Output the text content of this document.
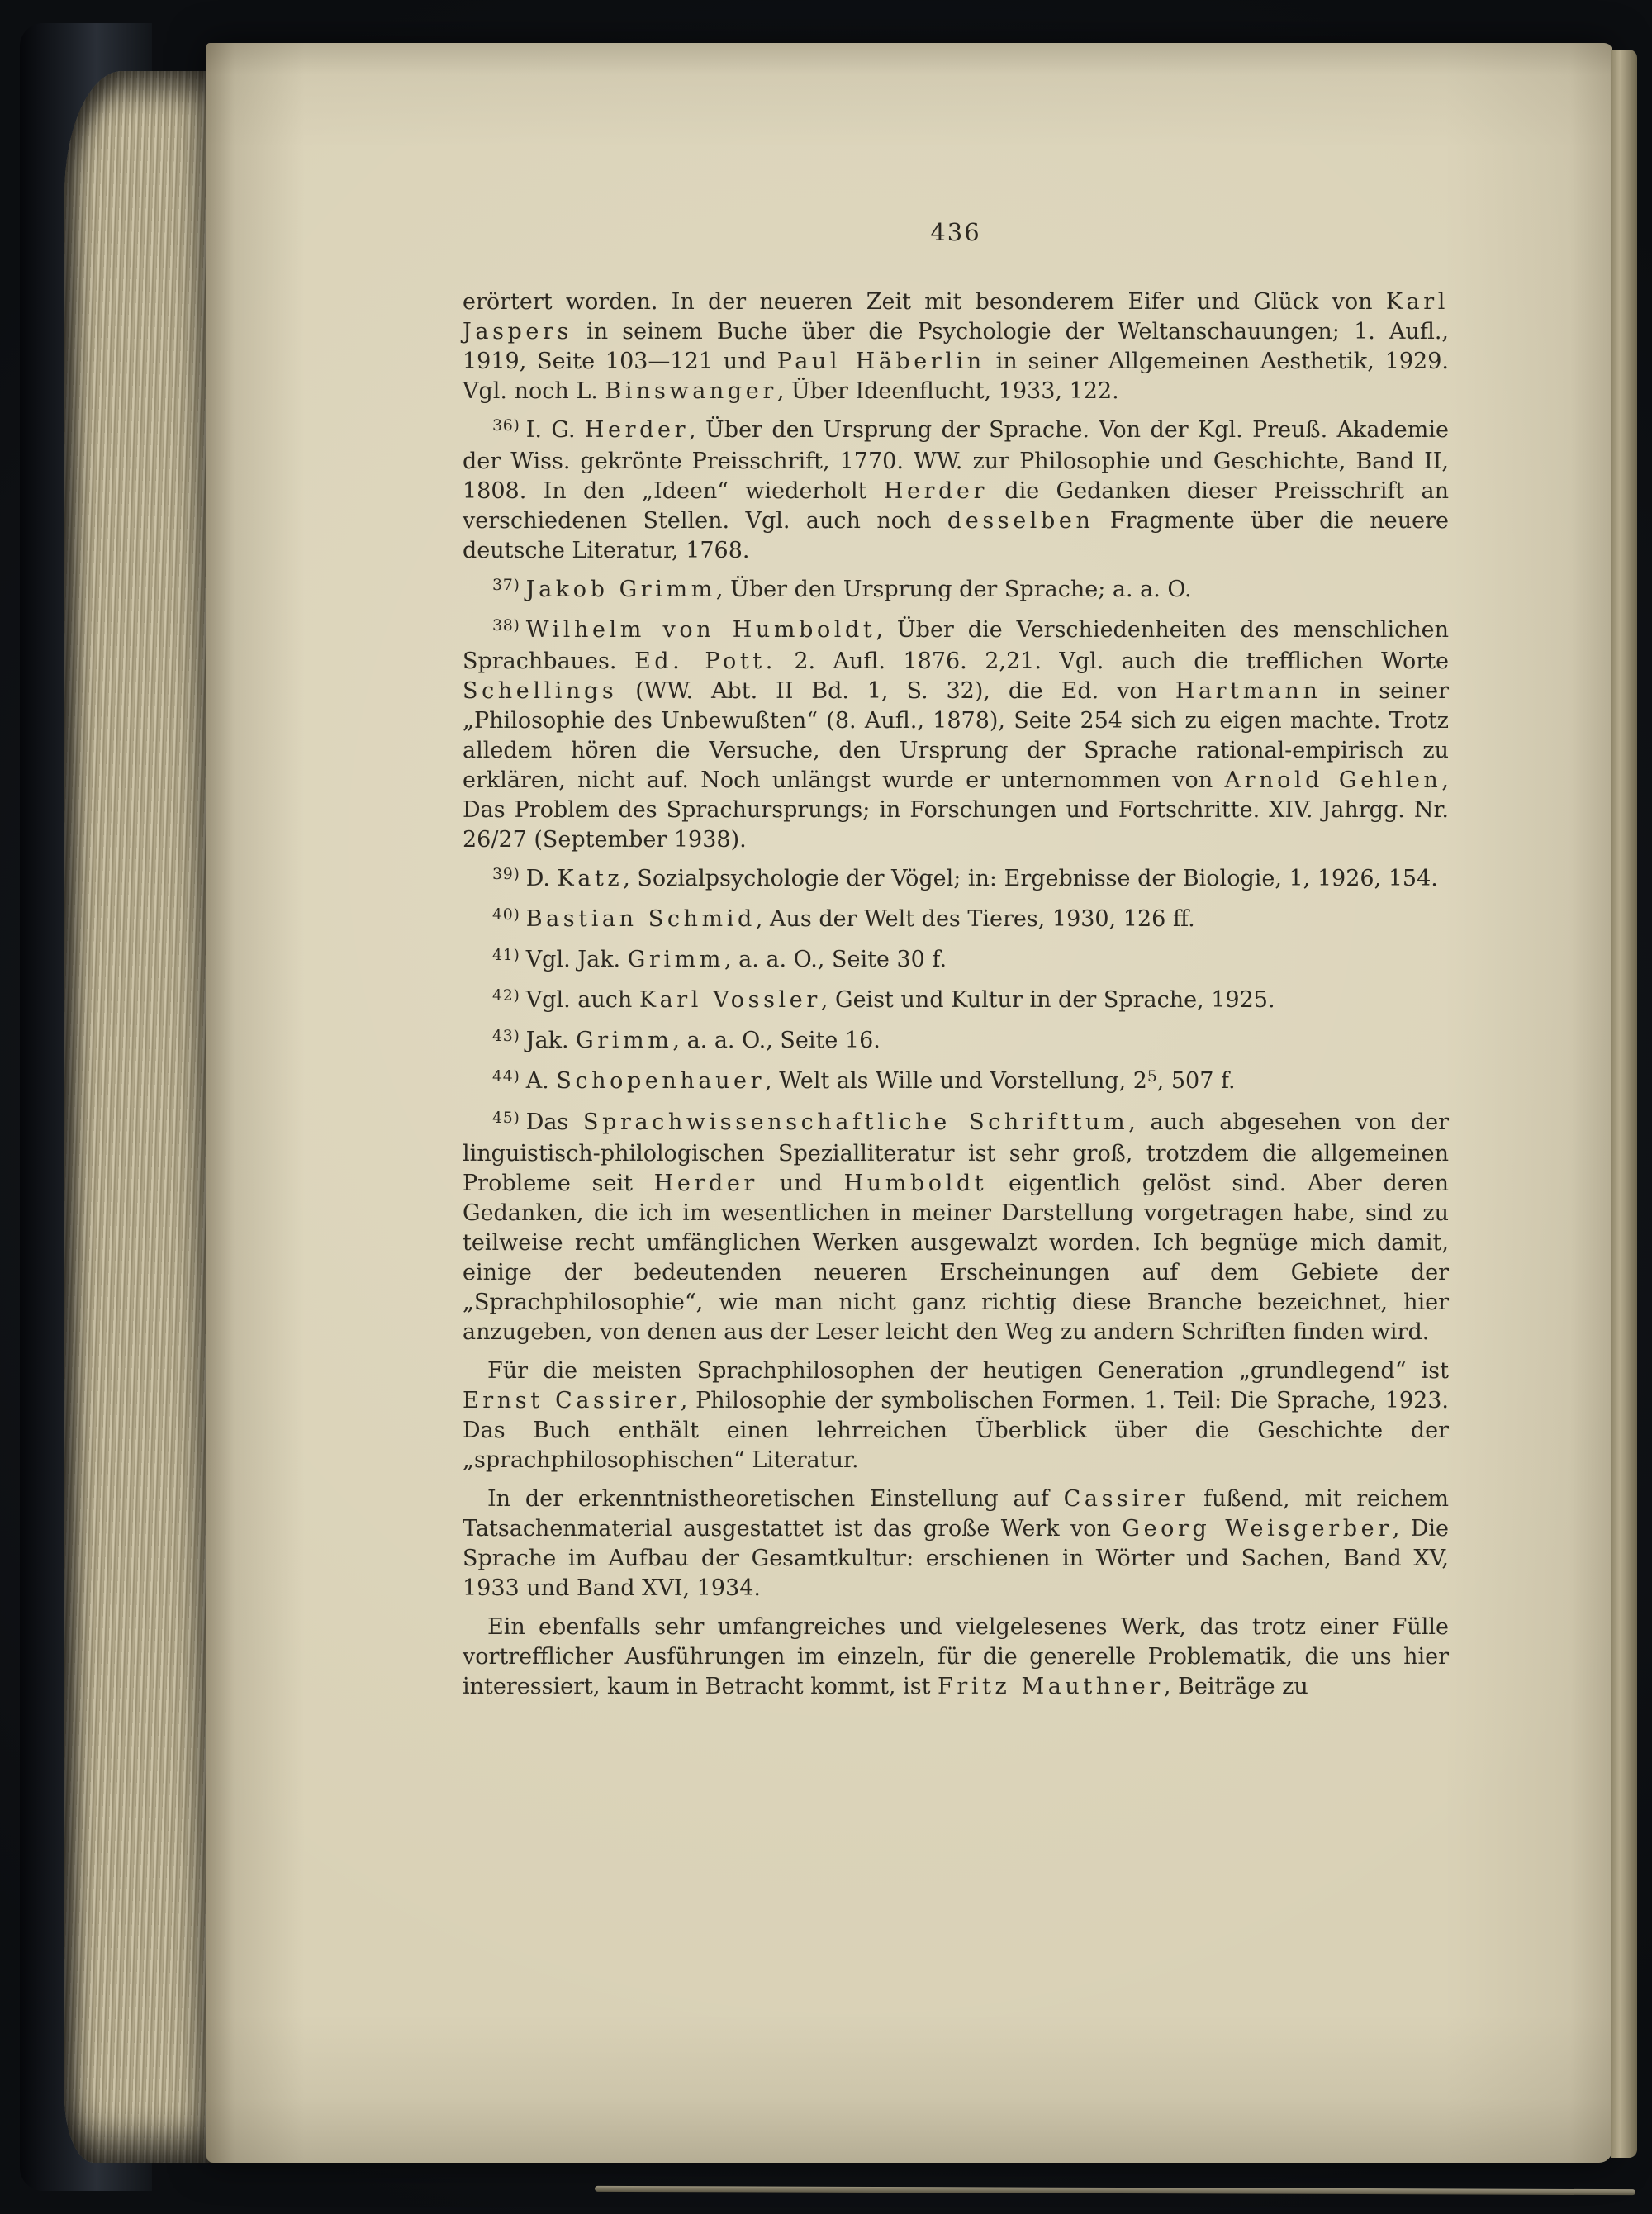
436

erörtert worden. In der neueren Zeit mit besonderem Eifer und Glück von Karl Jaspers in seinem Buche über die Psychologie der Weltanschauungen; 1. Aufl., 1919, Seite 103—121 und Paul Häberlin in seiner Allgemeinen Aesthetik, 1929. Vgl. noch L. Binswanger, Über Ideenflucht, 1933, 122.

$^{36)}$ I. G. Herder, Über den Ursprung der Sprache. Von der Kgl. Preuß. Akademie der Wiss. gekrönte Preisschrift, 1770. WW. zur Philosophie und Geschichte, Band II, 1808. In den „Ideen“ wiederholt Herder die Gedanken dieser Preisschrift an verschiedenen Stellen. Vgl. auch noch desselben Fragmente über die neuere deutsche Literatur, 1768.

$^{37)}$ Jakob Grimm, Über den Ursprung der Sprache; a. a. O.

$^{38)}$ Wilhelm von Humboldt, Über die Verschiedenheiten des menschlichen Sprachbaues. Ed. Pott. 2. Aufl. 1876. 2,21. Vgl. auch die trefflichen Worte Schellings (WW. Abt. II Bd. 1, S. 32), die Ed. von Hartmann in seiner „Philosophie des Unbewußten“ (8. Aufl., 1878), Seite 254 sich zu eigen machte. Trotz alledem hören die Versuche, den Ursprung der Sprache rational-empirisch zu erklären, nicht auf. Noch unlängst wurde er unternommen von Arnold Gehlen, Das Problem des Sprachursprungs; in Forschungen und Fortschritte. XIV. Jahrgg. Nr. 26/27 (September 1938).

$^{39)}$ D. Katz, Sozialpsychologie der Vögel; in: Ergebnisse der Biologie, 1, 1926, 154.

$^{40)}$ Bastian Schmid, Aus der Welt des Tieres, 1930, 126 ff.

$^{41)}$ Vgl. Jak. Grimm, a. a. O., Seite 30 f.

$^{42)}$ Vgl. auch Karl Vossler, Geist und Kultur in der Sprache, 1925.

$^{43)}$ Jak. Grimm, a. a. O., Seite 16.

$^{44)}$ A. Schopenhauer, Welt als Wille und Vorstellung, $2^5$, 507 f.

$^{45)}$ Das Sprachwissenschaftliche Schrifttum, auch abgesehen von der linguistisch-philologischen Spezialliteratur ist sehr groß, trotzdem die allgemeinen Probleme seit Herder und Humboldt eigentlich gelöst sind. Aber deren Gedanken, die ich im wesentlichen in meiner Darstellung vorgetragen habe, sind zu teilweise recht umfänglichen Werken ausgewalzt worden. Ich begnüge mich damit, einige der bedeutenden neueren Erscheinungen auf dem Gebiete der „Sprachphilosophie“, wie man nicht ganz richtig diese Branche bezeichnet, hier anzugeben, von denen aus der Leser leicht den Weg zu andern Schriften finden wird.

Für die meisten Sprachphilosophen der heutigen Generation „grundlegend“ ist Ernst Cassirer, Philosophie der symbolischen Formen. 1. Teil: Die Sprache, 1923. Das Buch enthält einen lehrreichen Überblick über die Geschichte der „sprachphilosophischen“ Literatur.

In der erkenntnistheoretischen Einstellung auf Cassirer fußend, mit reichem Tatsachenmaterial ausgestattet ist das große Werk von Georg Weisgerber, Die Sprache im Aufbau der Gesamtkultur: erschienen in Wörter und Sachen, Band XV, 1933 und Band XVI, 1934.

Ein ebenfalls sehr umfangreiches und vielgelesenes Werk, das trotz einer Fülle vortrefflicher Ausführungen im einzeln, für die generelle Problematik, die uns hier interessiert, kaum in Betracht kommt, ist Fritz Mauthner, Beiträge zu
